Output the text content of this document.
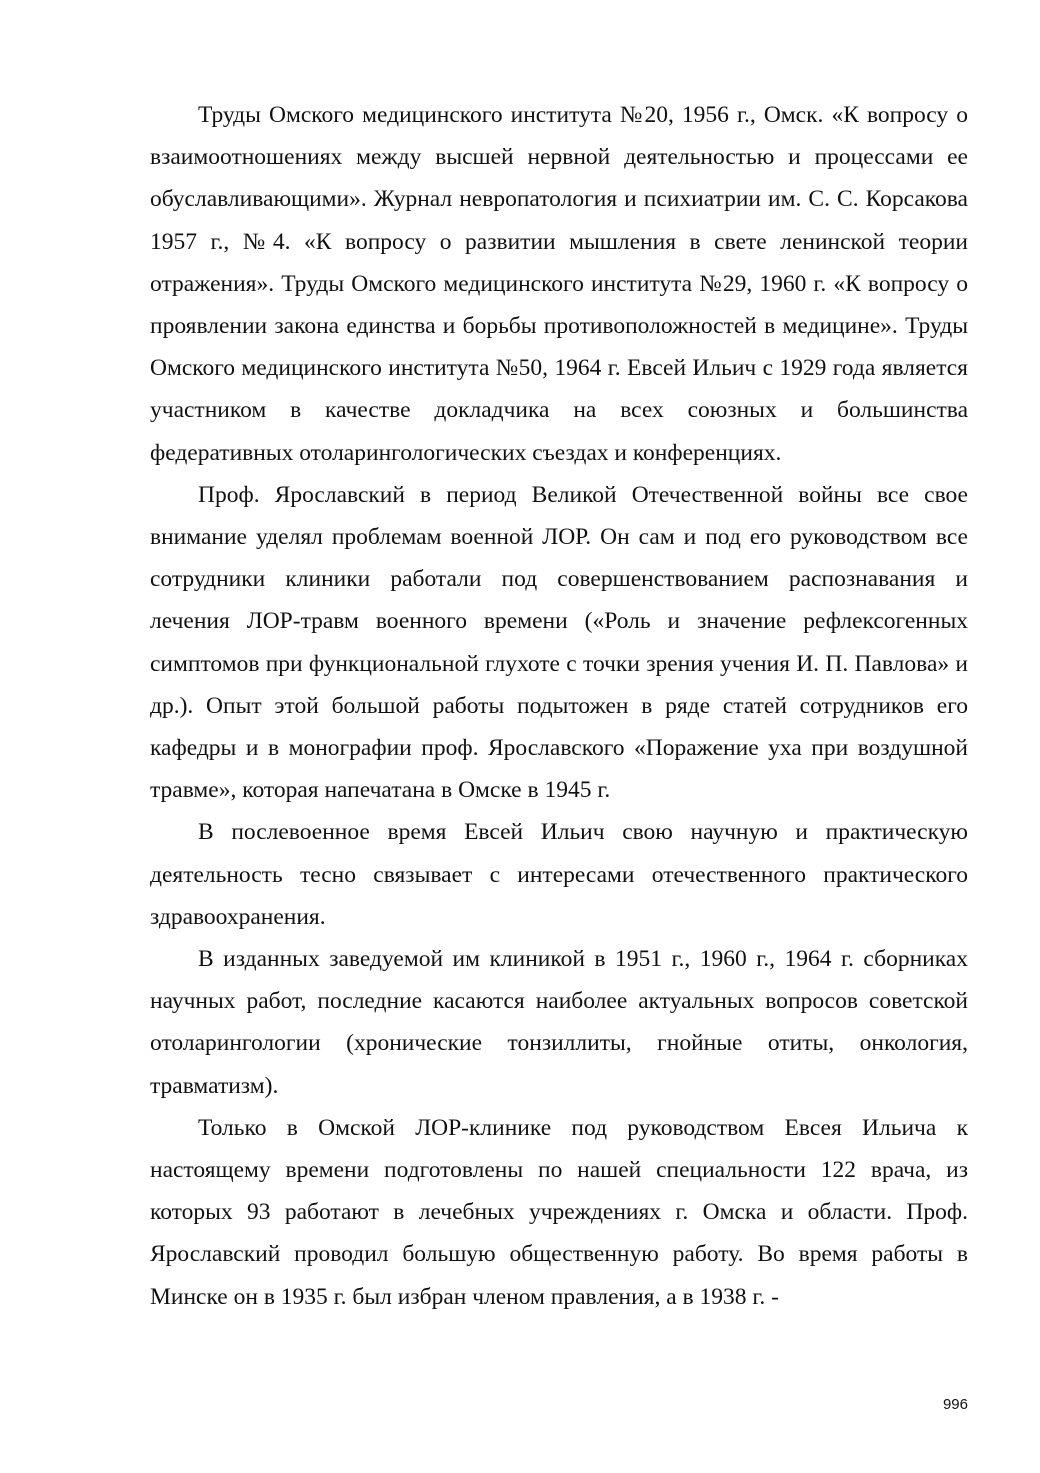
Труды Омского медицинского института №20, 1956 г., Омск. «К вопросу о взаимоотношениях между высшей нервной деятельностью и процессами ее обуславливающими». Журнал невропатология и психиатрии им. С. С. Корсакова 1957 г., №4. «К вопросу о развитии мышления в свете ленинской теории отражения». Труды Омского медицинского института №29, 1960 г. «К вопросу о проявлении закона единства и борьбы противоположностей в медицине». Труды Омского медицинского института №50, 1964 г. Евсей Ильич с 1929 года является участником в качестве докладчика на всех союзных и большинства федеративных отоларингологических съездах и конференциях.

Проф. Ярославский в период Великой Отечественной войны все свое внимание уделял проблемам военной ЛОР. Он сам и под его руководством все сотрудники клиники работали под совершенствованием распознавания и лечения ЛОР-травм военного времени («Роль и значение рефлексогенных симптомов при функциональной глухоте с точки зрения учения И. П. Павлова» и др.). Опыт этой большой работы подытожен в ряде статей сотрудников его кафедры и в монографии проф. Ярославского «Поражение уха при воздушной травме», которая напечатана в Омске в 1945 г.

В послевоенное время Евсей Ильич свою научную и практическую деятельность тесно связывает с интересами отечественного практического здравоохранения.

В изданных заведуемой им клиникой в 1951 г., 1960 г., 1964 г. сборниках научных работ, последние касаются наиболее актуальных вопросов советской отоларингологии (хронические тонзиллиты, гнойные отиты, онкология, травматизм).

Только в Омской ЛОР-клинике под руководством Евсея Ильича к настоящему времени подготовлены по нашей специальности 122 врача, из которых 93 работают в лечебных учреждениях г. Омска и области. Проф. Ярославский проводил большую общественную работу. Во время работы в Минске он в 1935 г. был избран членом правления, а в 1938 г. -

996
